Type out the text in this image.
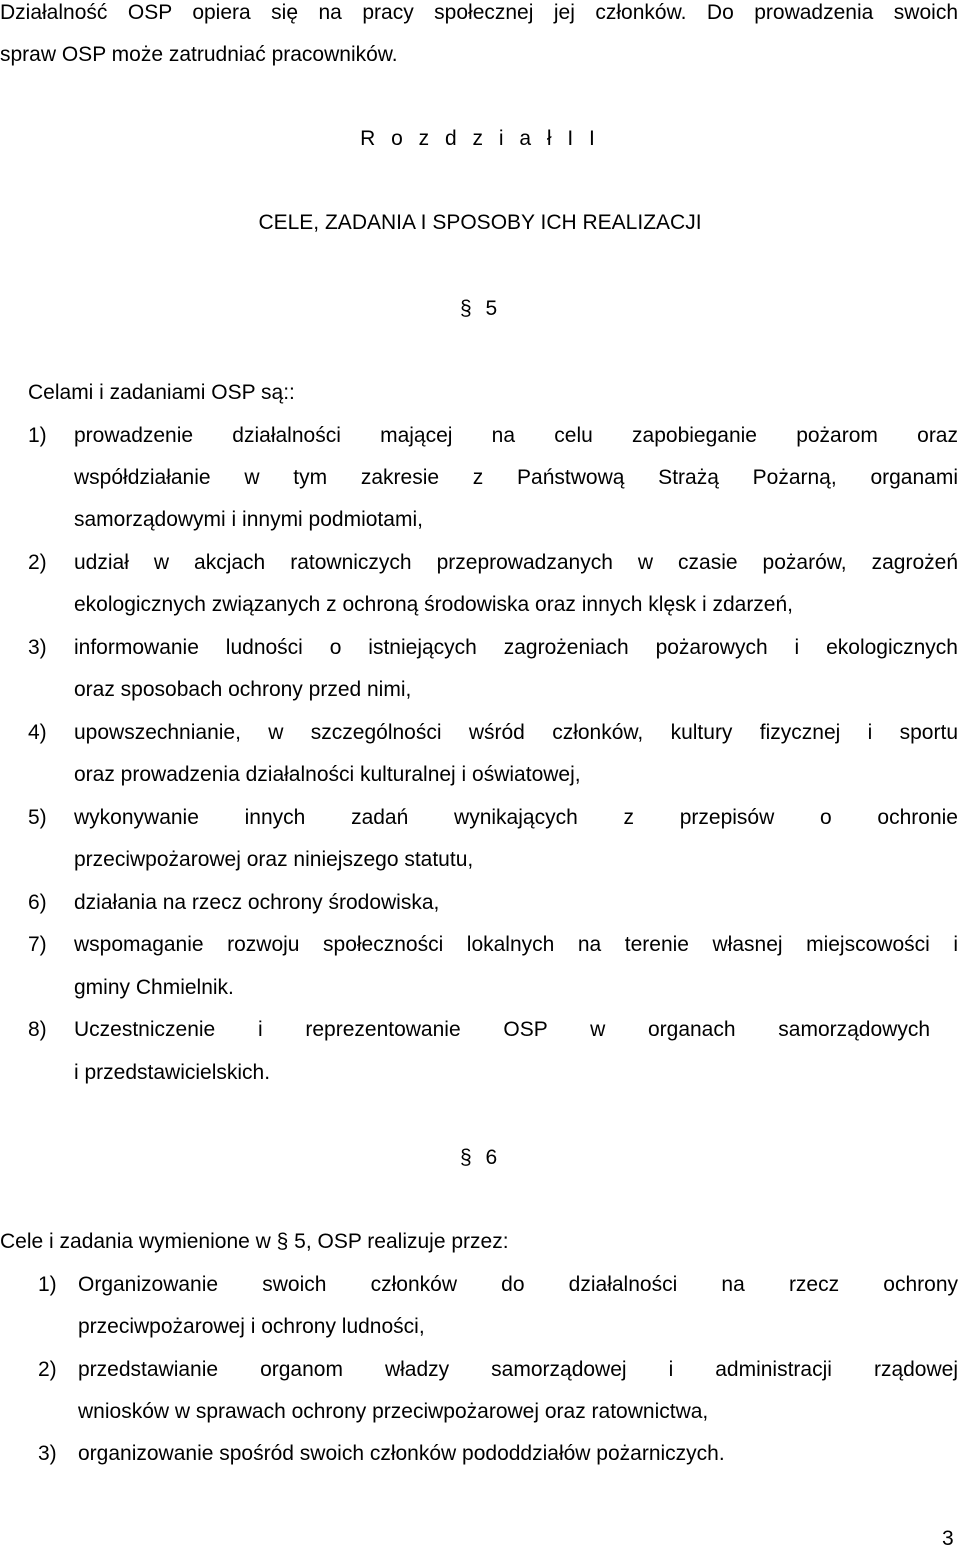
Działalność OSP opiera się na pracy społecznej jej członków. Do prowadzenia swoich
spraw OSP może zatrudniać pracowników.
R o z d z i a ł I I
CELE, ZADANIA I SPOSOBY ICH REALIZACJI
§ 5
Celami i zadaniami OSP są::
1) prowadzenie działalności mającej na celu zapobieganie pożarom oraz
współdziałanie w tym zakresie z Państwową Strażą Pożarną, organami
samorządowymi i innymi podmiotami,
2) udział w akcjach ratowniczych przeprowadzanych w czasie pożarów, zagrożeń
ekologicznych związanych z ochroną środowiska oraz innych klęsk i zdarzeń,
3) informowanie ludności o istniejących zagrożeniach pożarowych i ekologicznych
oraz sposobach ochrony przed nimi,
4) upowszechnianie, w szczególności wśród członków, kultury fizycznej i sportu
oraz prowadzenia działalności kulturalnej i oświatowej,
5) wykonywanie innych zadań wynikających z przepisów o ochronie
przeciwpożarowej oraz niniejszego statutu,
6) działania na rzecz ochrony środowiska,
7) wspomaganie rozwoju społeczności lokalnych na terenie własnej miejscowości i
gminy Chmielnik.
8) Uczestniczenie i reprezentowanie OSP w organach samorządowych
i przedstawicielskich.
§ 6
Cele i zadania wymienione w § 5, OSP realizuje przez:
1) Organizowanie swoich członków do działalności na rzecz ochrony
przeciwpożarowej i ochrony ludności,
2) przedstawianie organom władzy samorządowej i administracji rządowej
wniosków w sprawach ochrony przeciwpożarowej oraz ratownictwa,
3) organizowanie spośród swoich członków pododdziałów pożarniczych.
3
